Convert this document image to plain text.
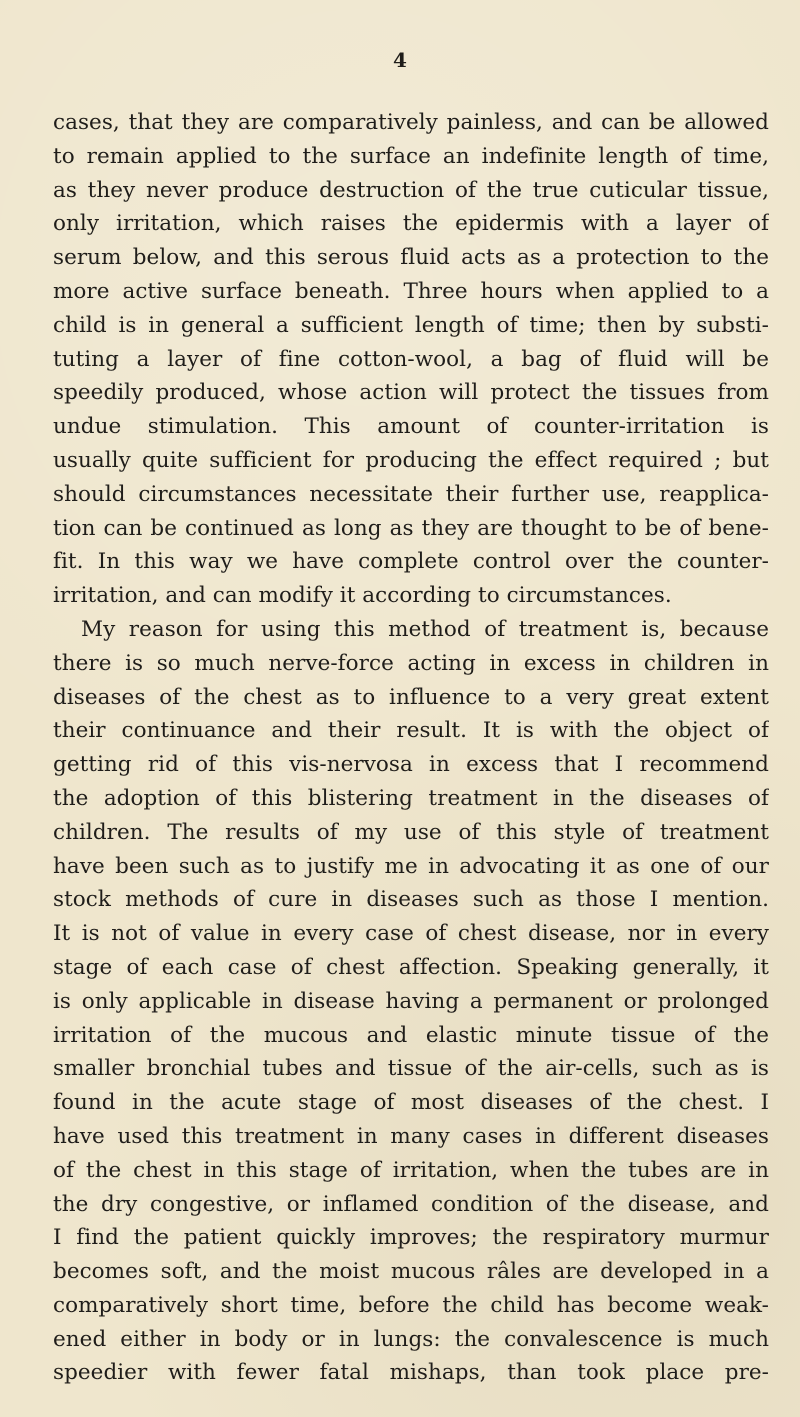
4
cases, that they are comparatively painless, and can be allowed
to remain applied to the surface an indefinite length of time,
as they never produce destruction of the true cuticular tissue,
only irritation, which raises the epidermis with a layer of
serum below, and this serous fluid acts as a protection to the
more active surface beneath. Three hours when applied to a
child is in general a sufficient length of time; then by substi-
tuting a layer of fine cotton-wool, a bag of fluid will be
speedily produced, whose action will protect the tissues from
undue stimulation. This amount of counter-irritation is
usually quite sufficient for producing the effect required ; but
should circumstances necessitate their further use, reapplica-
tion can be continued as long as they are thought to be of bene-
fit. In this way we have complete control over the counter-
irritation, and can modify it according to circumstances.
My reason for using this method of treatment is, because
there is so much nerve-force acting in excess in children in
diseases of the chest as to influence to a very great extent
their continuance and their result. It is with the object of
getting rid of this vis-nervosa in excess that I recommend
the adoption of this blistering treatment in the diseases of
children. The results of my use of this style of treatment
have been such as to justify me in advocating it as one of our
stock methods of cure in diseases such as those I mention.
It is not of value in every case of chest disease, nor in every
stage of each case of chest affection. Speaking generally, it
is only applicable in disease having a permanent or prolonged
irritation of the mucous and elastic minute tissue of the
smaller bronchial tubes and tissue of the air-cells, such as is
found in the acute stage of most diseases of the chest. I
have used this treatment in many cases in different diseases
of the chest in this stage of irritation, when the tubes are in
the dry congestive, or inflamed condition of the disease, and
I find the patient quickly improves; the respiratory murmur
becomes soft, and the moist mucous râles are developed in a
comparatively short time, before the child has become weak-
ened either in body or in lungs: the convalescence is much
speedier with fewer fatal mishaps, than took place pre-
